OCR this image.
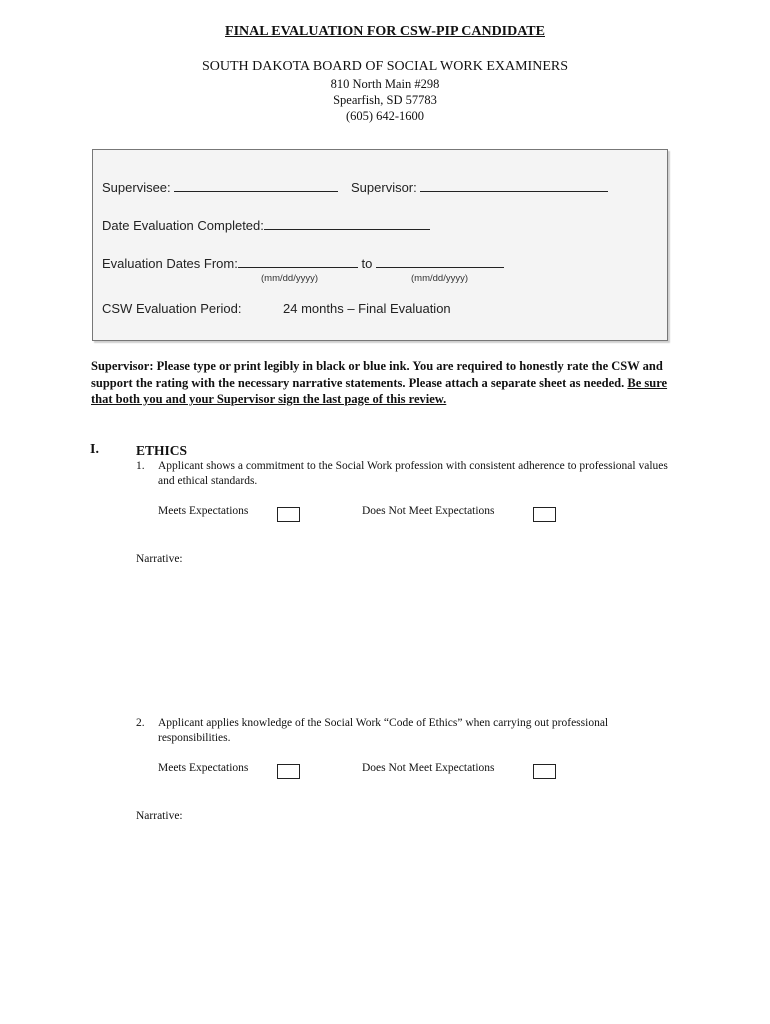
FINAL EVALUATION FOR CSW-PIP CANDIDATE
SOUTH DAKOTA BOARD OF SOCIAL WORK EXAMINERS
810 North Main #298
Spearfish, SD 57783
(605) 642-1600
Supervisee:	Supervisor:
Date Evaluation Completed:
Evaluation Dates From:	to
(mm/dd/yyyy)	(mm/dd/yyyy)
CSW Evaluation Period:	24 months – Final Evaluation
Supervisor: Please type or print legibly in black or blue ink. You are required to honestly rate the CSW and support the rating with the necessary narrative statements. Please attach a separate sheet as needed. Be sure that both you and your Supervisor sign the last page of this review.
I.	ETHICS
1. Applicant shows a commitment to the Social Work profession with consistent adherence to professional values and ethical standards.
Meets Expectations	Does Not Meet Expectations
Narrative:
2. Applicant applies knowledge of the Social Work “Code of Ethics” when carrying out professional responsibilities.
Meets Expectations	Does Not Meet Expectations
Narrative:
